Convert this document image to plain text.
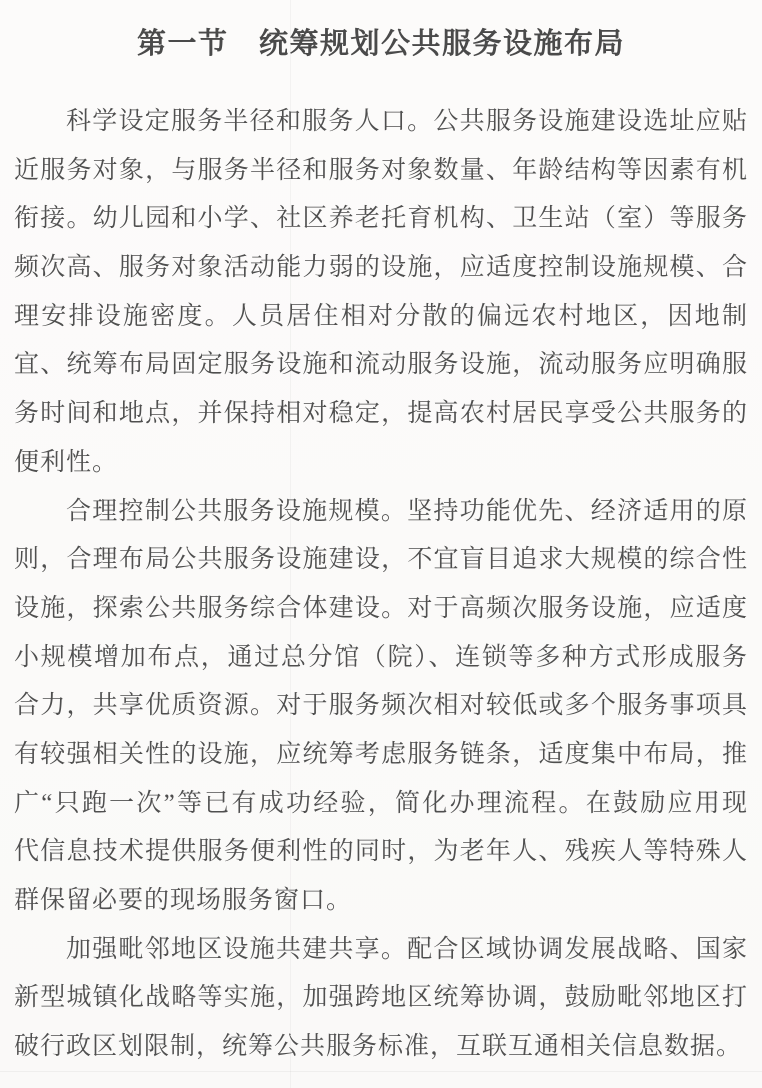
第一节　统筹规划公共服务设施布局
科学设定服务半径和服务人口。公共服务设施建设选址应贴
近服务对象，与服务半径和服务对象数量、年龄结构等因素有机
衔接。幼儿园和小学、社区养老托育机构、卫生站（室）等服务
频次高、服务对象活动能力弱的设施，应适度控制设施规模、合
理安排设施密度。人员居住相对分散的偏远农村地区，因地制
宜、统筹布局固定服务设施和流动服务设施，流动服务应明确服
务时间和地点，并保持相对稳定，提高农村居民享受公共服务的
便利性。
合理控制公共服务设施规模。坚持功能优先、经济适用的原
则，合理布局公共服务设施建设，不宜盲目追求大规模的综合性
设施，探索公共服务综合体建设。对于高频次服务设施，应适度
小规模增加布点，通过总分馆（院）、连锁等多种方式形成服务
合力，共享优质资源。对于服务频次相对较低或多个服务事项具
有较强相关性的设施，应统筹考虑服务链条，适度集中布局，推
广“只跑一次”等已有成功经验，简化办理流程。在鼓励应用现
代信息技术提供服务便利性的同时，为老年人、残疾人等特殊人
群保留必要的现场服务窗口。
加强毗邻地区设施共建共享。配合区域协调发展战略、国家
新型城镇化战略等实施，加强跨地区统筹协调，鼓励毗邻地区打
破行政区划限制，统筹公共服务标准，互联互通相关信息数据。
